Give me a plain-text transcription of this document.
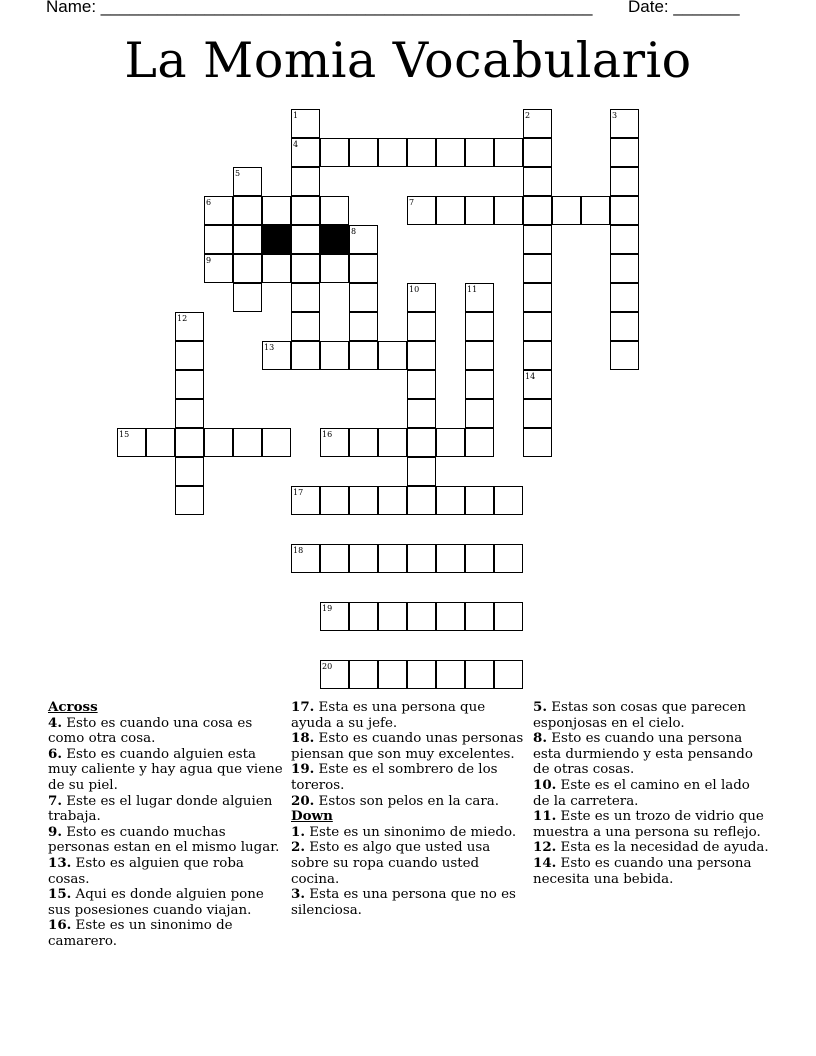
Name: ____________________________________________________ Date: _______
La Momia Vocabulario
1	2	3
4
5
6	7
8
9
10	11
12
13
14
15	16
17
18
19
20
Across

4. Esto es cuando una cosa es como otra cosa.

6. Esto es cuando alguien esta muy caliente y hay agua que viene de su piel.

7. Este es el lugar donde alguien trabaja.

9. Esto es cuando muchas personas estan en el mismo lugar.

13. Esto es alguien que roba cosas.

15. Aqui es donde alguien pone sus posesiones cuando viajan.

16. Este es un sinonimo de camarero.

17. Esta es una persona que ayuda a su jefe.

18. Esto es cuando unas personas piensan que son muy excelentes.

19. Este es el sombrero de los toreros.

20. Estos son pelos en la cara.

Down

1. Este es un sinonimo de miedo.

2. Esto es algo que usted usa sobre su ropa cuando usted cocina.

3. Esta es una persona que no es silenciosa.

5. Estas son cosas que parecen esponjosas en el cielo.

8. Esto es cuando una persona esta durmiendo y esta pensando de otras cosas.

10. Este es el camino en el lado de la carretera.

11. Este es un trozo de vidrio que muestra a una persona su reflejo.

12. Esta es la necesidad de ayuda.

14. Esto es cuando una persona necesita una bebida.
